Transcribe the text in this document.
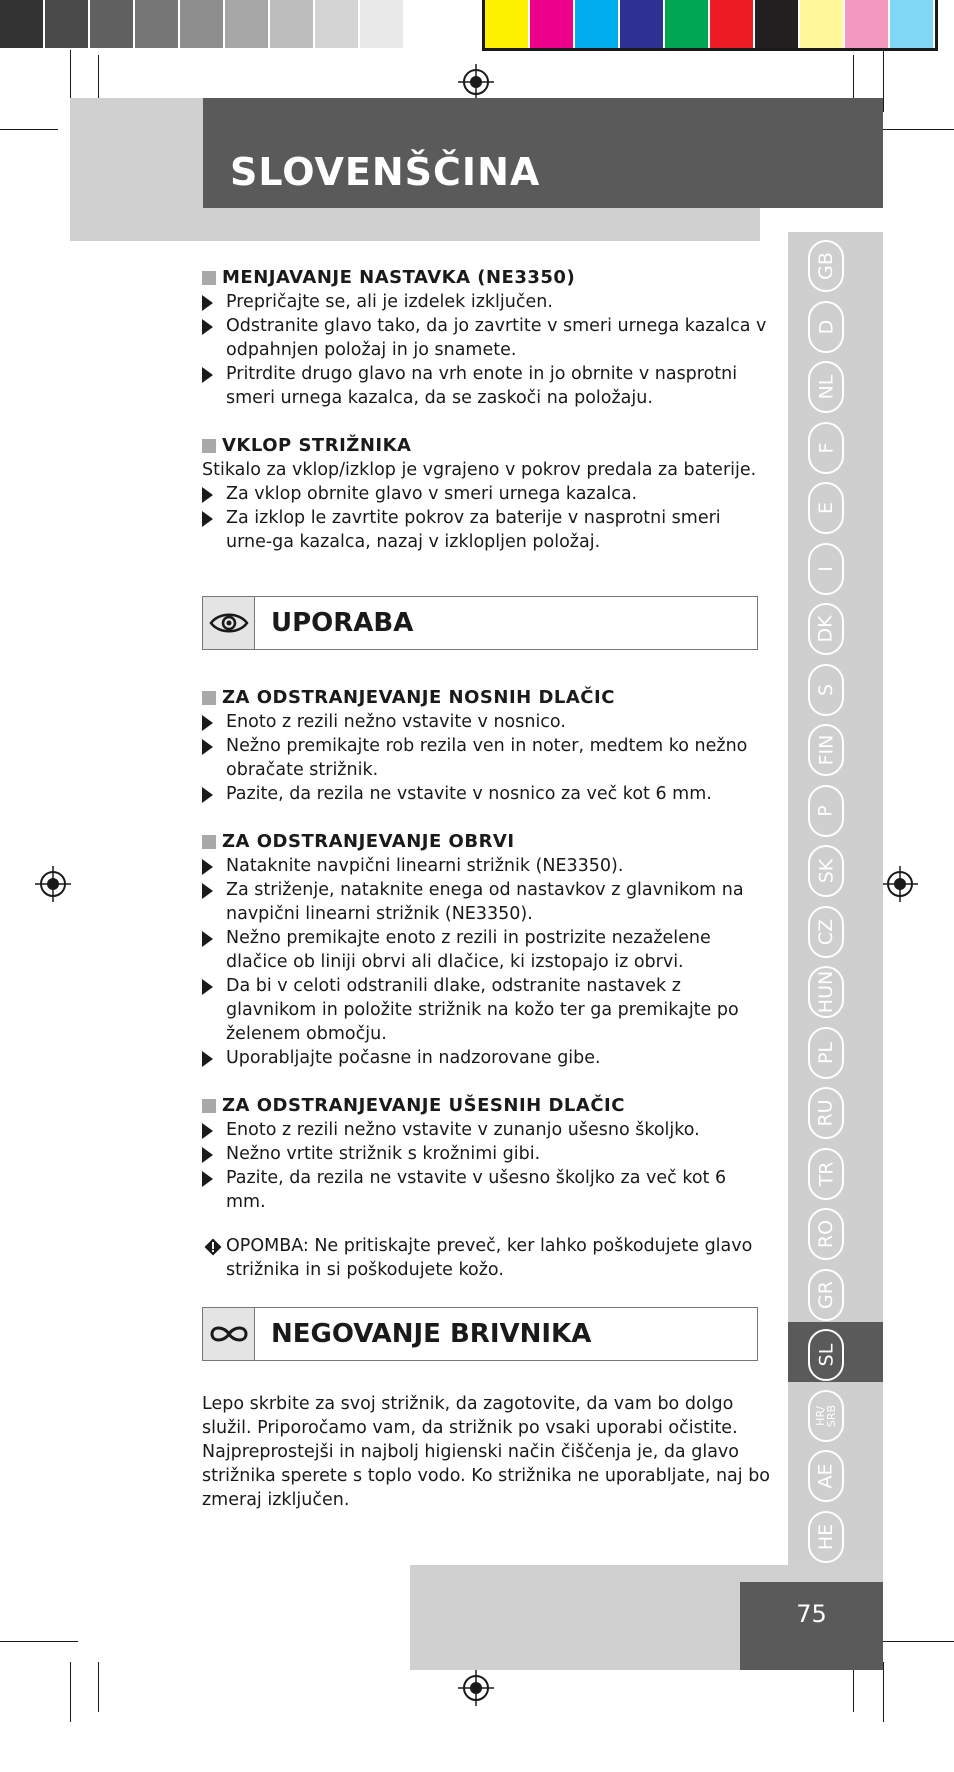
SLOVENŠČINA
GB
D
NL
F
E
I
DK
S
FIN
P
SK
CZ
HUN
PL
RU
TR
RO
GR
SL
HR/ SRB
AE
HE
MENJAVANJE NASTAVKA (NE3350)
Prepričajte se, ali je izdelek izključen.
Odstranite glavo tako, da jo zavrtite v smeri urnega kazalca v odpahnjen položaj in jo snamete.
Pritrdite drugo glavo na vrh enote in jo obrnite v nasprotni smeri urnega kazalca, da se zaskoči na položaju.
VKLOP STRIŽNIKA

Stikalo za vklop/izklop je vgrajeno v pokrov predala za baterije.

Za vklop obrnite glavo v smeri urnega kazalca.
Za izklop le zavrtite pokrov za baterije v nasprotni smeri urne-ga kazalca, nazaj v izklopljen položaj.
UPORABA
ZA ODSTRANJEVANJE NOSNIH DLAČIC
Enoto z rezili nežno vstavite v nosnico.
Nežno premikajte rob rezila ven in noter, medtem ko nežno obračate strižnik.
Pazite, da rezila ne vstavite v nosnico za več kot 6 mm.
ZA ODSTRANJEVANJE OBRVI
Nataknite navpični linearni strižnik (NE3350).
Za striženje, nataknite enega od nastavkov z glavnikom na navpični linearni strižnik (NE3350).
Nežno premikajte enoto z rezili in postrizite nezaželene dlačice ob liniji obrvi ali dlačice, ki izstopajo iz obrvi.
Da bi v celoti odstranili dlake, odstranite nastavek z glavnikom in položite strižnik na kožo ter ga premikajte po želenem območju.
Uporabljajte počasne in nadzorovane gibe.
ZA ODSTRANJEVANJE UŠESNIH DLAČIC
Enoto z rezili nežno vstavite v zunanjo ušesno školjko.
Nežno vrtite strižnik s krožnimi gibi.
Pazite, da rezila ne vstavite v ušesno školjko za več kot 6 mm.
OPOMBA: Ne pritiskajte preveč, ker lahko poškodujete glavo strižnika in si poškodujete kožo.
NEGOVANJE BRIVNIKA

Lepo skrbite za svoj strižnik, da zagotovite, da vam bo dolgo služil. Priporočamo vam, da strižnik po vsaki uporabi očistite. Najpreprostejši in najbolj higienski način čiščenja je, da glavo strižnika sperete s toplo vodo. Ko strižnika ne uporabljate, naj bo zmeraj izključen.

75
